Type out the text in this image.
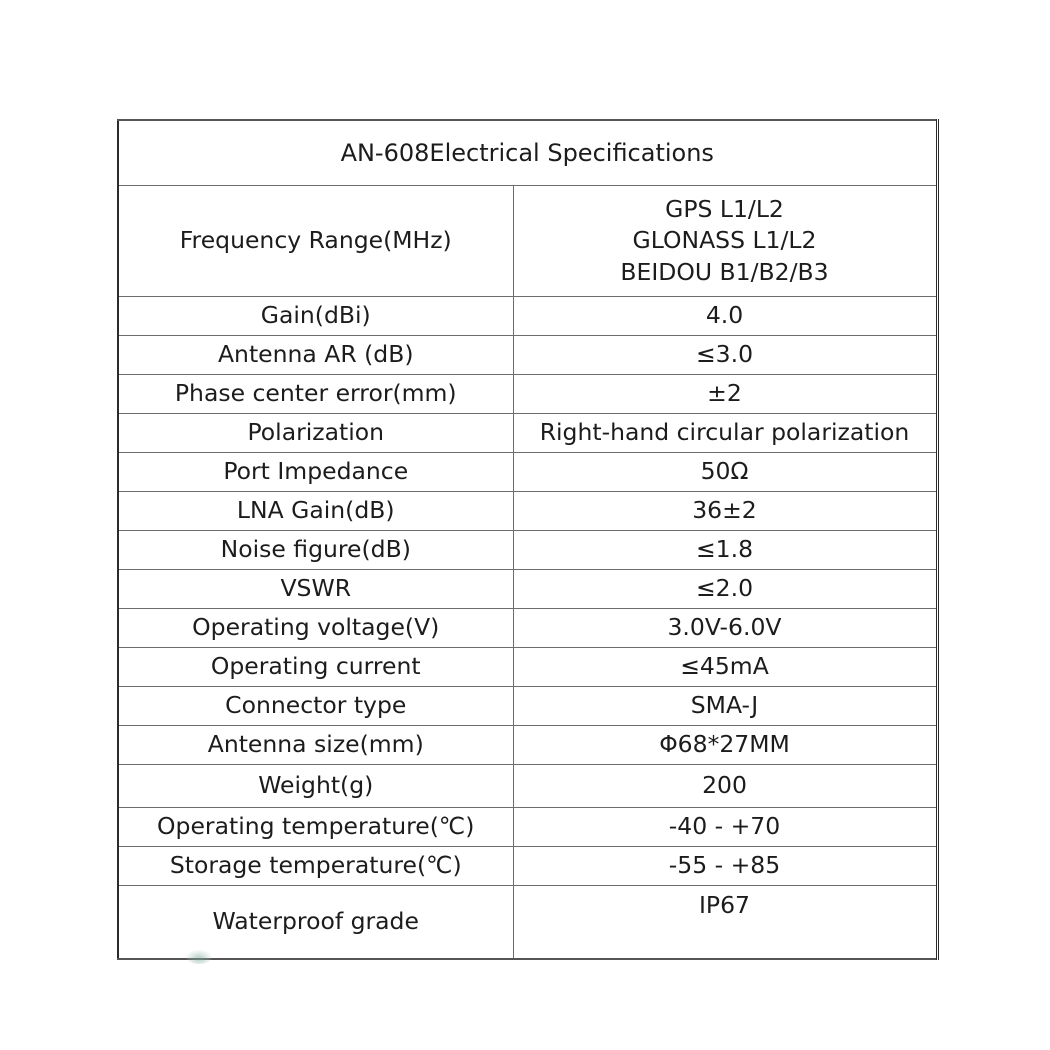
AN-608Electrical Specifications	
Frequency Range(MHz)	GPS L1/L2
GLONASS L1/L2
BEIDOU B1/B2/B3

Gain(dBi)	4.0
Antenna AR (dB)	≤3.0
Phase center error(mm)	±2
Polarization	Right-hand circular polarization
Port Impedance	50Ω
LNA Gain(dB)	36±2
Noise figure(dB)	≤1.8
VSWR	≤2.0
Operating voltage(V)	3.0V-6.0V
Operating current	≤45mA
Connector type	SMA-J
Antenna size(mm)	Φ68*27MM
Weight(g)	200
Operating temperature(℃)	-40 - +70
Storage temperature(℃)	-55 - +85
Waterproof grade	IP67
